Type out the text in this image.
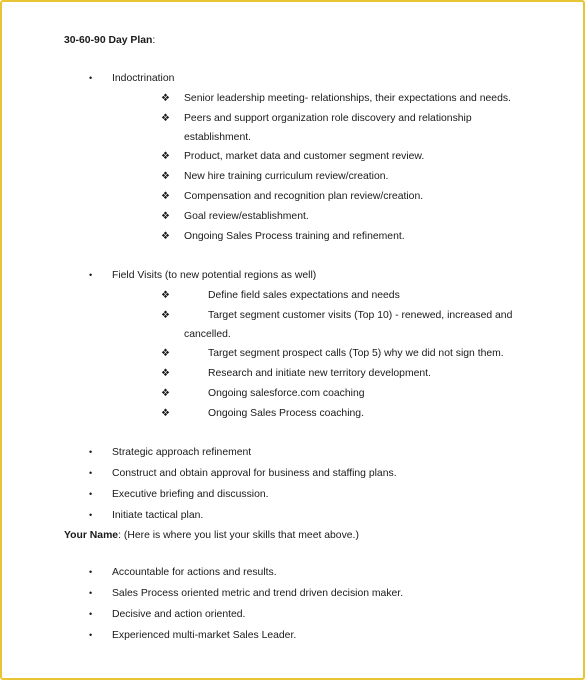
30-60-90 Day Plan:
• Indoctrination
❖ Senior leadership meeting- relationships, their expectations and needs.
❖ Peers and support organization role discovery and relationship
establishment.
❖ Product, market data and customer segment review.
❖ New hire training curriculum review/creation.
❖ Compensation and recognition plan review/creation.
❖ Goal review/establishment.
❖ Ongoing Sales Process training and refinement.
• Field Visits (to new potential regions as well)
❖	Define field sales expectations and needs
❖	Target segment customer visits (Top 10) - renewed, increased and
cancelled.
❖	Target segment prospect calls (Top 5) why we did not sign them.
❖	Research and initiate new territory development.
❖	Ongoing salesforce.com coaching
❖	Ongoing Sales Process coaching.
• Strategic approach refinement
• Construct and obtain approval for business and staffing plans.
• Executive briefing and discussion.
• Initiate tactical plan.
Your Name: (Here is where you list your skills that meet above.)
• Accountable for actions and results.
• Sales Process oriented metric and trend driven decision maker.
• Decisive and action oriented.
• Experienced multi-market Sales Leader.
